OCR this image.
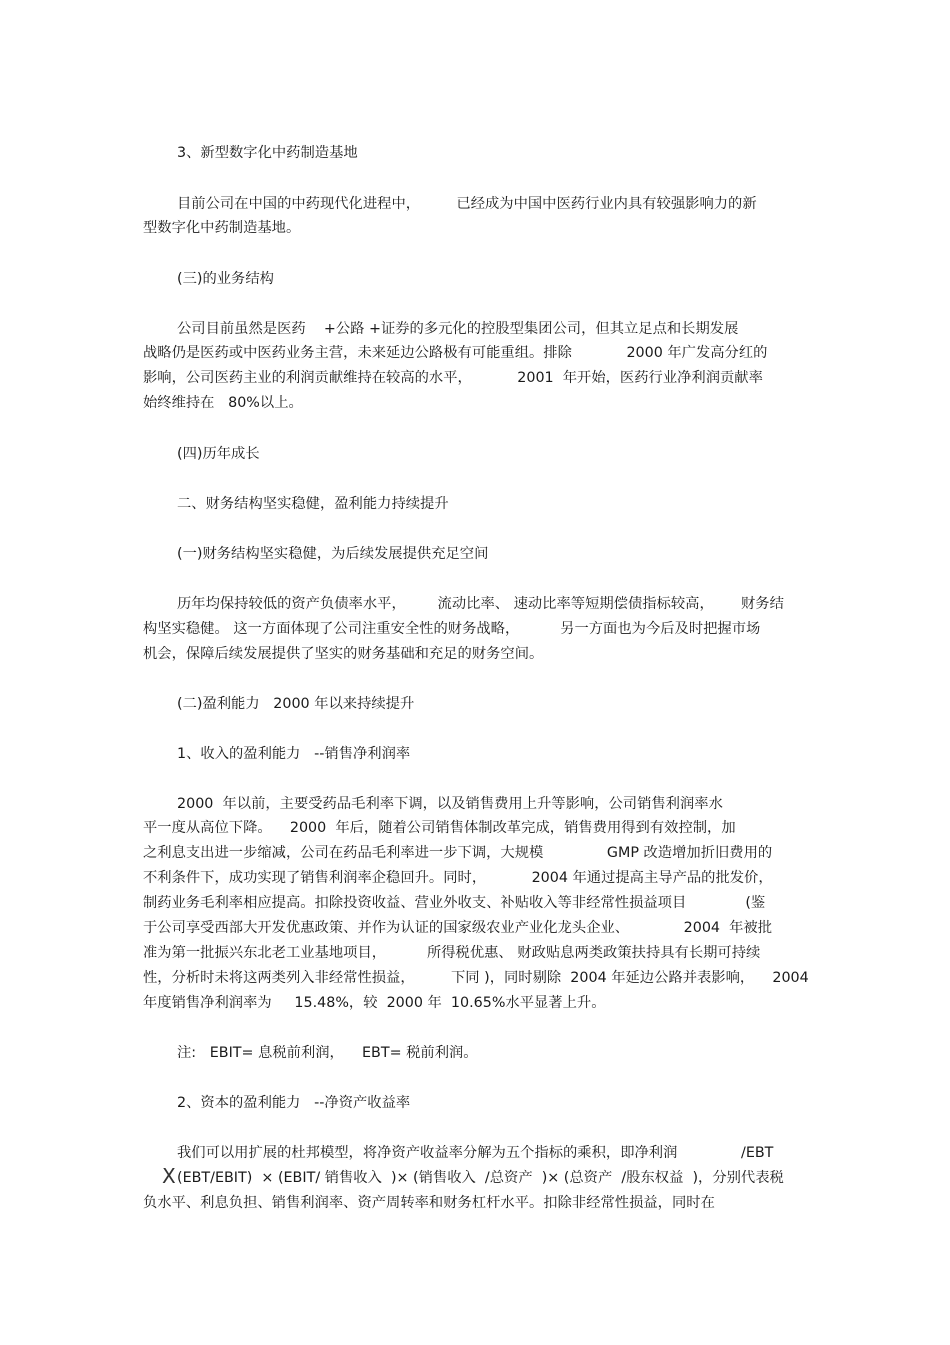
3、新型数字化中药制造基地

目前公司在中国的中药现代化进程中，        已经成为中国中医药行业内具有较强影响力的新

型数字化中药制造基地。

(三)的业务结构

公司目前虽然是医药    +公路 +证券的多元化的控股型集团公司，但其立足点和长期发展

战略仍是医药或中医药业务主营，未来延边公路极有可能重组。排除            2000 年广发高分红的

影响，公司医药主业的利润贡献维持在较高的水平，          2001  年开始，医药行业净利润贡献率

始终维持在   80%以上。

(四)历年成长

二、财务结构坚实稳健，盈利能力持续提升

(一)财务结构坚实稳健，为后续发展提供充足空间

历年均保持较低的资产负债率水平，       流动比率、 速动比率等短期偿债指标较高，      财务结

构坚实稳健。 这一方面体现了公司注重安全性的财务战略，         另一方面也为今后及时把握市场

机会，保障后续发展提供了坚实的财务基础和充足的财务空间。

(二)盈利能力   2000 年以来持续提升

1、收入的盈利能力   --销售净利润率

2000  年以前，主要受药品毛利率下调，以及销售费用上升等影响，公司销售利润率水

平一度从高位下降。    2000  年后，随着公司销售体制改革完成，销售费用得到有效控制，加

之利息支出进一步缩减，公司在药品毛利率进一步下调，大规模              GMP 改造增加折旧费用的

不利条件下，成功实现了销售利润率企稳回升。同时，          2004 年通过提高主导产品的批发价，

制药业务毛利率相应提高。扣除投资收益、营业外收支、补贴收入等非经常性损益项目             (鉴

于公司享受西部大开发优惠政策、并作为认证的国家级农业产业化龙头企业、            2004  年被批

准为第一批振兴东北老工业基地项目，         所得税优惠、 财政贴息两类政策扶持具有长期可持续

性，分析时未将这两类列入非经常性损益，        下同 )，同时剔除  2004 年延边公路并表影响，    2004

年度销售净利润率为     15.48%，较  2000 年  10.65%水平显著上升。

注:   EBIT= 息税前利润，    EBT= 税前利润。

2、资本的盈利能力   --净资产收益率

我们可以用扩展的杜邦模型，将净资产收益率分解为五个指标的乘积，即净利润              /EBT

X (EBT/EBIT)  × (EBIT/ 销售收入  )× (销售收入  /总资产  )× (总资产  /股东权益  )，分别代表税

负水平、利息负担、销售利润率、资产周转率和财务杠杆水平。扣除非经常性损益，同时在
